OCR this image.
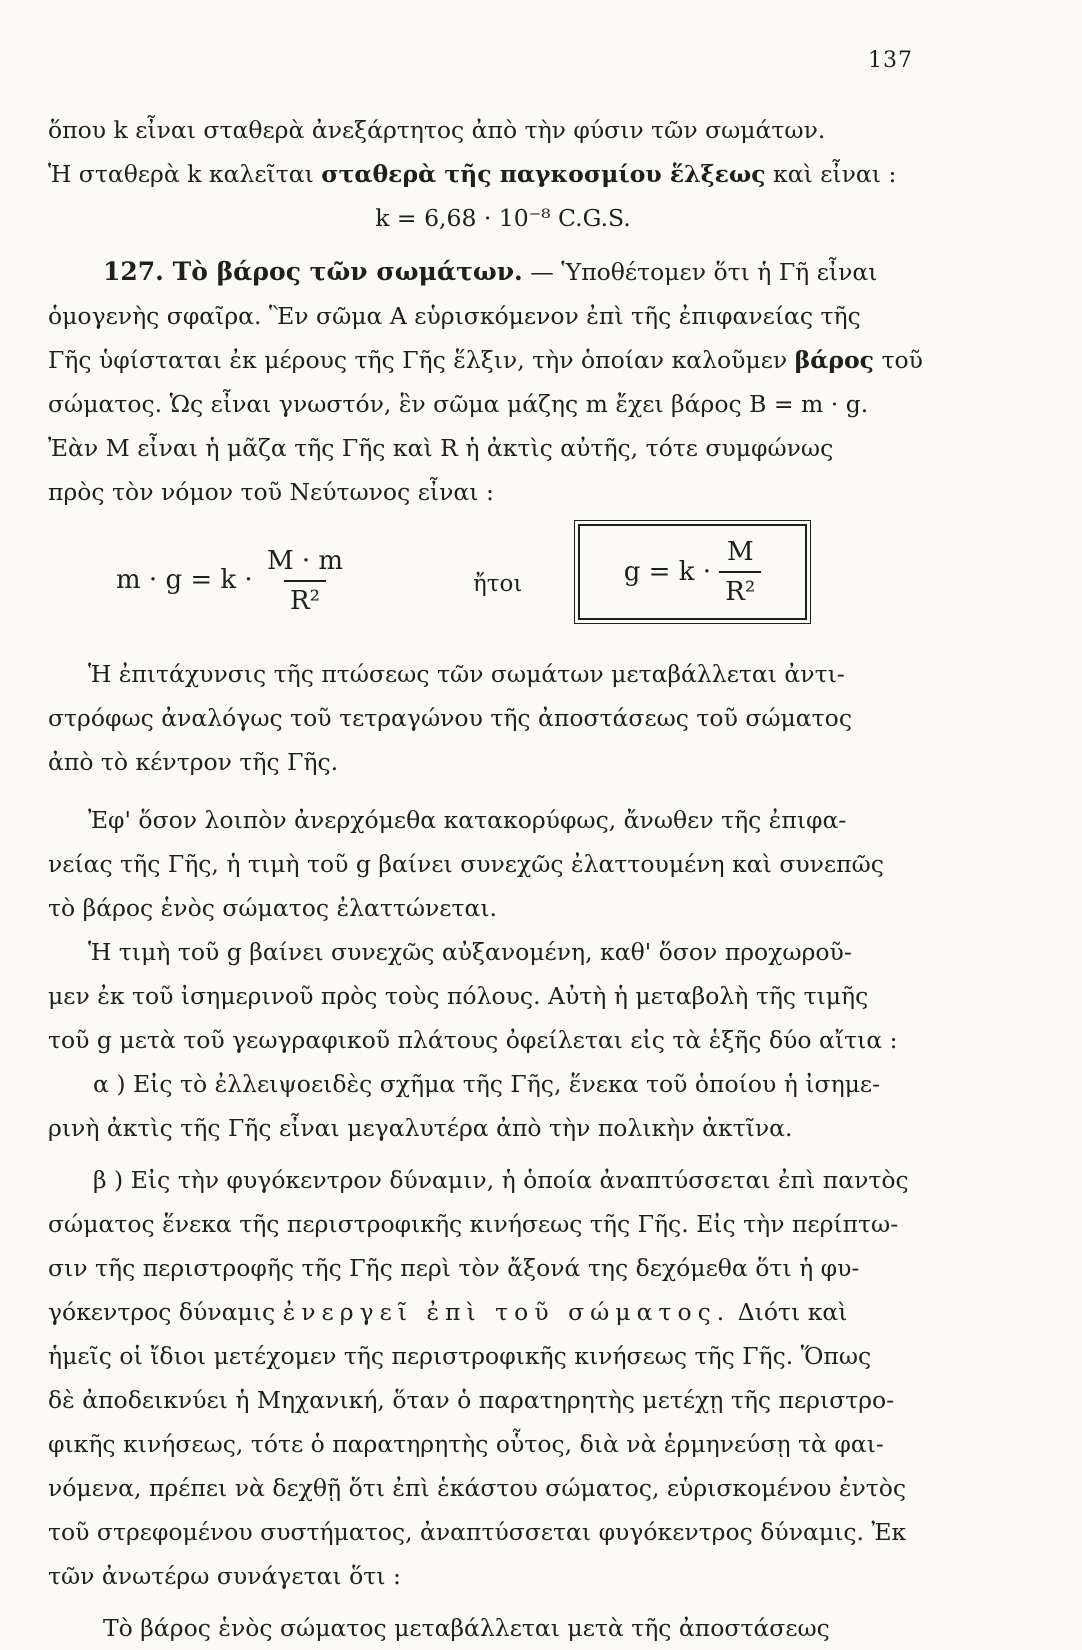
137
ὅπου k εἶναι σταθερὰ ἀνεξάρτητος ἀπὸ τὴν φύσιν τῶν σωμάτων.
Ἡ σταθερὰ k καλεῖται σταθερὰ τῆς παγκοσμίου ἕλξεως καὶ εἶναι :
k = 6,68 · 10⁻⁸ C.G.S.
127. Τὸ βάρος τῶν σωμάτων. — Ὑποθέτομεν ὅτι ἡ Γῆ εἶναι
ὁμογενὴς σφαῖρα. Ἓν σῶμα Α εὑρισκόμενον ἐπὶ τῆς ἐπιφανείας τῆς
Γῆς ὑφίσταται ἐκ μέρους τῆς Γῆς ἕλξιν, τὴν ὁποίαν καλοῦμεν βάρος τοῦ
σώματος. Ὡς εἶναι γνωστόν, ἓν σῶμα μάζης m ἔχει βάρος B = m · g.
Ἐὰν M εἶναι ἡ μᾶζα τῆς Γῆς καὶ R ἡ ἀκτὶς αὐτῆς, τότε συμφώνως
πρὸς τὸν νόμον τοῦ Νεύτωνος εἶναι :
$m \cdot g = k \cdot \frac{M \cdot m}{\text{R²}}$	ἤτοι	g = k ·
$\frac{M}{\text{R²}}$
Ἡ ἐπιτάχυνσις τῆς πτώσεως τῶν σωμάτων μεταβάλλεται ἀντι-
στρόφως ἀναλόγως τοῦ τετραγώνου τῆς ἀποστάσεως τοῦ σώματος
ἀπὸ τὸ κέντρον τῆς Γῆς.
Ἐφ' ὅσον λοιπὸν ἀνερχόμεθα κατακορύφως, ἄνωθεν τῆς ἐπιφα-
νείας τῆς Γῆς, ἡ τιμὴ τοῦ g βαίνει συνεχῶς ἐλαττουμένη καὶ συνεπῶς
τὸ βάρος ἑνὸς σώματος ἐλαττώνεται.
Ἡ τιμὴ τοῦ g βαίνει συνεχῶς αὐξανομένη, καθ' ὅσον προχωροῦ-
μεν ἐκ τοῦ ἰσημερινοῦ πρὸς τοὺς πόλους. Αὐτὴ ἡ μεταβολὴ τῆς τιμῆς
τοῦ g μετὰ τοῦ γεωγραφικοῦ πλάτους ὀφείλεται εἰς τὰ ἑξῆς δύο αἴτια :
α ) Εἰς τὸ ἐλλειψοειδὲς σχῆμα τῆς Γῆς, ἕνεκα τοῦ ὁποίου ἡ ἰσημε-
ρινὴ ἀκτὶς τῆς Γῆς εἶναι μεγαλυτέρα ἀπὸ τὴν πολικὴν ἀκτῖνα.
β ) Εἰς τὴν φυγόκεντρον δύναμιν, ἡ ὁποία ἀναπτύσσεται ἐπὶ παντὸς
σώματος ἕνεκα τῆς περιστροφικῆς κινήσεως τῆς Γῆς. Εἰς τὴν περίπτω-
σιν τῆς περιστροφῆς τῆς Γῆς περὶ τὸν ἄξονά της δεχόμεθα ὅτι ἡ φυ-
γόκεντρος δύναμις ἐνεργεῖ ἐπὶ τοῦ σώματος. Διότι καὶ
ἡμεῖς οἱ ἴδιοι μετέχομεν τῆς περιστροφικῆς κινήσεως τῆς Γῆς. Ὅπως
δὲ ἀποδεικνύει ἡ Μηχανική, ὅταν ὁ παρατηρητὴς μετέχῃ τῆς περιστρο-
φικῆς κινήσεως, τότε ὁ παρατηρητὴς οὗτος, διὰ νὰ ἑρμηνεύσῃ τὰ φαι-
νόμενα, πρέπει νὰ δεχθῇ ὅτι ἐπὶ ἑκάστου σώματος, εὑρισκομένου ἐντὸς
τοῦ στρεφομένου συστήματος, ἀναπτύσσεται φυγόκεντρος δύναμις. Ἐκ
τῶν ἀνωτέρω συνάγεται ὅτι :
Τὸ βάρος ἑνὸς σώματος μεταβάλλεται μετὰ τῆς ἀποστάσεως
